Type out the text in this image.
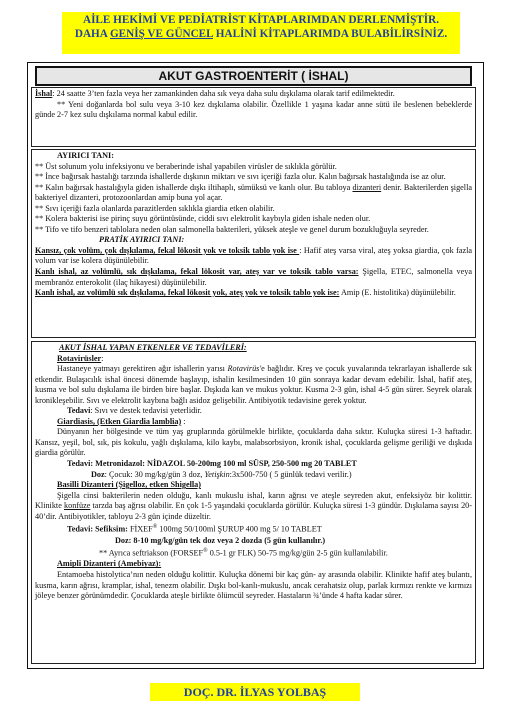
AİLE HEKİMİ VE PEDİATRİST KİTAPLARIMDAN DERLENMİŞTİR.
DAHA GENİŞ VE GÜNCEL HALİNİ KİTAPLARIMDA BULABİLİRSİNİZ.
AKUT GASTROENTERİT ( İSHAL)

İshal: 24 saatte 3’ten fazla veya her zamankinden daha sık veya daha sulu dışkılama olarak tarif edilmektedir.

** Yeni doğanlarda bol sulu veya 3-10 kez dışkılama olabilir. Özellikle 1 yaşına kadar anne sütü ile beslenen bebeklerde günde 2-7 kez sulu dışkılama normal kabul edilir.

AYIRICI TANI:

** Üst solunum yolu infeksiyonu ve beraberinde ishal yapabilen virüsler de sıklıkla görülür.

** İnce bağırsak hastalığı tarzında ishallerde dışkının miktarı ve sıvı içeriği fazla olur. Kalın bağırsak hastalığında ise az olur.

** Kalın bağırsak hastalığıyla giden ishallerde dışkı iltihaplı, sümüksü ve kanlı olur. Bu tabloya dizanteri denir. Bakterilerden şigella bakteriyel dizanteri, protozoonlardan amip buna yol açar.

** Sıvı içeriği fazla olanlarda parazitlerden sıklıkla giardia etken olabilir.

** Kolera bakterisi ise pirinç suyu görüntüsünde, ciddi sıvı elektrolit kaybıyla giden ishale neden olur.

** Tifo ve tifo benzeri tablolara neden olan salmonella bakterileri, yüksek ateşle ve genel durum bozukluğuyla seyreder.

PRATİK AYIRICI TANI:

Kansız, çok volüm, çok dışkılama, fekal lökosit yok ve toksik tablo yok ise : Hafif ateş varsa viral, ateş yoksa giardia, çok fazla volum var ise kolera düşünülebilir.

Kanlı ishal, az volümlü, sık dışkılama, fekal lökosit var, ateş var ve toksik tablo varsa: Şigella, ETEC, salmonella veya membranöz enterokolit (ilaç hikayesi) düşünülebilir.

Kanlı ishal, az volümlü sık dışkılama, fekal lökosit yok, ateş yok ve toksik tablo yok ise: Amip (E. histolitika) düşünülebilir.

AKUT İSHAL YAPAN ETKENLER VE TEDAVİLERİ:

Rotavirüsler:

Hastaneye yatmayı gerektiren ağır ishallerin yarısı Rotavirüs'e bağlıdır. Kreş ve çocuk yuvalarında tekrarlayan ishallerde sık etkendir. Bulaşıcılık ishal öncesi dönemde başlayıp, ishalin kesilmesinden 10 gün sonraya kadar devam edebilir. İshal, hafif ateş, kusma ve bol sulu dışkılama ile birden bire başlar. Dışkıda kan ve mukus yoktur. Kusma 2-3 gün, ishal 4-5 gün sürer. Seyrek olarak kronikleşebilir. Sıvı ve elektrolit kaybına bağlı asidoz gelişebilir. Antibiyotik tedavisine gerek yoktur.

Tedavi: Sıvı ve destek tedavisi yeterlidir.

Giardiasis, (Etken Giardia lamblia) :

Dünyanın her bölgesinde ve tüm yaş gruplarında görülmekle birlikte, çocuklarda daha sıktır. Kuluçka süresi 1-3 haftadır. Kansız, yeşil, bol, sık, pis kokulu, yağlı dışkılama, kilo kaybı, malabsorbsiyon, kronik ishal, çocuklarda gelişme geriliği ve dışkıda giardia görülür.

Tedavi: Metronidazol: NİDAZOL 50-200mg 100 ml SÜSP, 250-500 mg 20 TABLET

Doz: Çocuk: 30 mg/kg/gün 3 doz, Yetişkin:3x500-750 ( 5 günlük tedavi verilir.)

Basilli Dizanteri (Şigelloz, etken Shigella)

Şigella cinsi bakterilerin neden olduğu, kanlı mukuslu ishal, karın ağrısı ve ateşle seyreden akut, enfeksiyöz bir kolittir. Klinikte konfüze tarzda baş ağrısı olabilir. En çok 1-5 yaşındaki çocuklarda görülür. Kuluçka süresi 1-3 gündür. Dışkılama sayısı 20-40’dir. Antibiyotikler, tabloyu 2-3 gün içinde düzeltir.

Tedavi: Sefiksim: FİXEF® 100mg 50/100ml ŞURUP 400 mg 5/ 10 TABLET

Doz: 8-10 mg/kg/gün tek doz veya 2 dozda (5 gün kullanılır.)

** Ayrıca seftriakson (FORSEF® 0.5-1 gr FLK) 50-75 mg/kg/gün 2-5 gün kullanılabilir.

Amipli Dizanteri (Amebiyaz):

Entamoeba histolytica’nın neden olduğu kolittir. Kuluçka dönemi bir kaç gün- ay arasında olabilir. Klinikte hafif ateş bulantı, kusma, karın ağrısı, kramplar, ishal, tenezm olabilir. Dışkı bol-kanlı-mukuslu, ancak cerahatsiz olup, parlak kırmızı renkte ve kırmızı jöleye benzer görünümdedir. Çocuklarda ateşle birlikte ölümcül seyreder. Hastaların ¾’ünde 4 hafta kadar sürer.

DOÇ. DR. İLYAS YOLBAŞ
